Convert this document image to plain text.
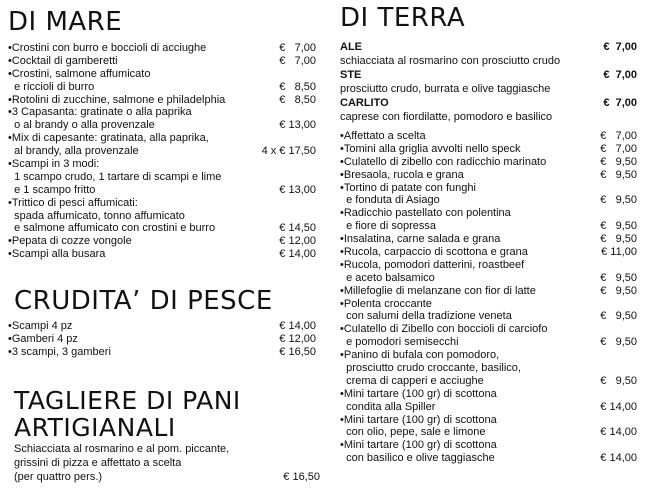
DI MARE
•Crostini con burro e boccioli di acciughe	€   7,00
•Cocktail di gamberetti	€   7,00
•Crostini, salmone affumicato
e riccioli di burro	€   8,50
•Rotolini di zucchine, salmone e philadelphia	€   8,50
•3 Capasanta: gratinate o alla paprika
o al brandy o alla provenzale	€ 13,00
•Mix di capesante: gratinata, alla paprika,
al brandy, alla provenzale	4 x € 17,50
•Scampi in 3 modi:
1 scampo crudo, 1 tartare di scampi e lime
e 1 scampo fritto	€ 13,00
•Trittico di pesci affumicati:
spada affumicato, tonno affumicato
e salmone affumicato con crostini e burro	€ 14,50
•Pepata di cozze vongole	€ 12,00
•Scampi alla busara	€ 14,00
CRUDITA’ DI PESCE
•Scampi 4 pz	€ 14,00
•Gamberi 4 pz	€ 12,00
•3 scampi, 3 gamberi	€ 16,50
TAGLIERE DI PANI
ARTIGIANALI
Schiacciata al rosmarino e al pom. piccante,
grissini di pizza e affettato a scelta
(per quattro pers.)	€ 16,50
DI TERRA
ALE	€  7,00
schiacciata al rosmarino con prosciutto crudo
STE	€  7,00
prosciutto crudo, burrata e olive taggiasche
CARLITO	€  7,00
caprese con fiordilatte, pomodoro e basilico
•Affettato a scelta	€   7,00
•Tomini alla griglia avvolti nello speck	€   7,00
•Culatello di zibello con radicchio marinato	€   9,50
•Bresaola, rucola e grana	€   9,50
•Tortino di patate con funghi
e fonduta di Asiago	€   9,50
•Radicchio pastellato con polentina
e fiore di sopressa	€   9,50
•Insalatina, carne salada e grana	€   9,50
•Rucola, carpaccio di scottona e grana	€ 11,00
•Rucola, pomodori datterini, roastbeef
e aceto balsamico	€   9,50
•Millefoglie di melanzane con fior di latte	€   9,50
•Polenta croccante
con salumi della tradizione veneta	€   9,50
•Culatello di Zibello con boccioli di carciofo
e pomodori semisecchi	€   9,50
•Panino di bufala con pomodoro,
prosciutto crudo croccante, basilico,
crema di capperi e acciughe	€   9,50
•Mini tartare (100 gr) di scottona
condita alla Spiller	€ 14,00
•Mini tartare (100 gr) di scottona
con olio, pepe, sale e limone	€ 14,00
•Mini tartare (100 gr) di scottona
con basilico e olive taggiasche	€ 14,00
